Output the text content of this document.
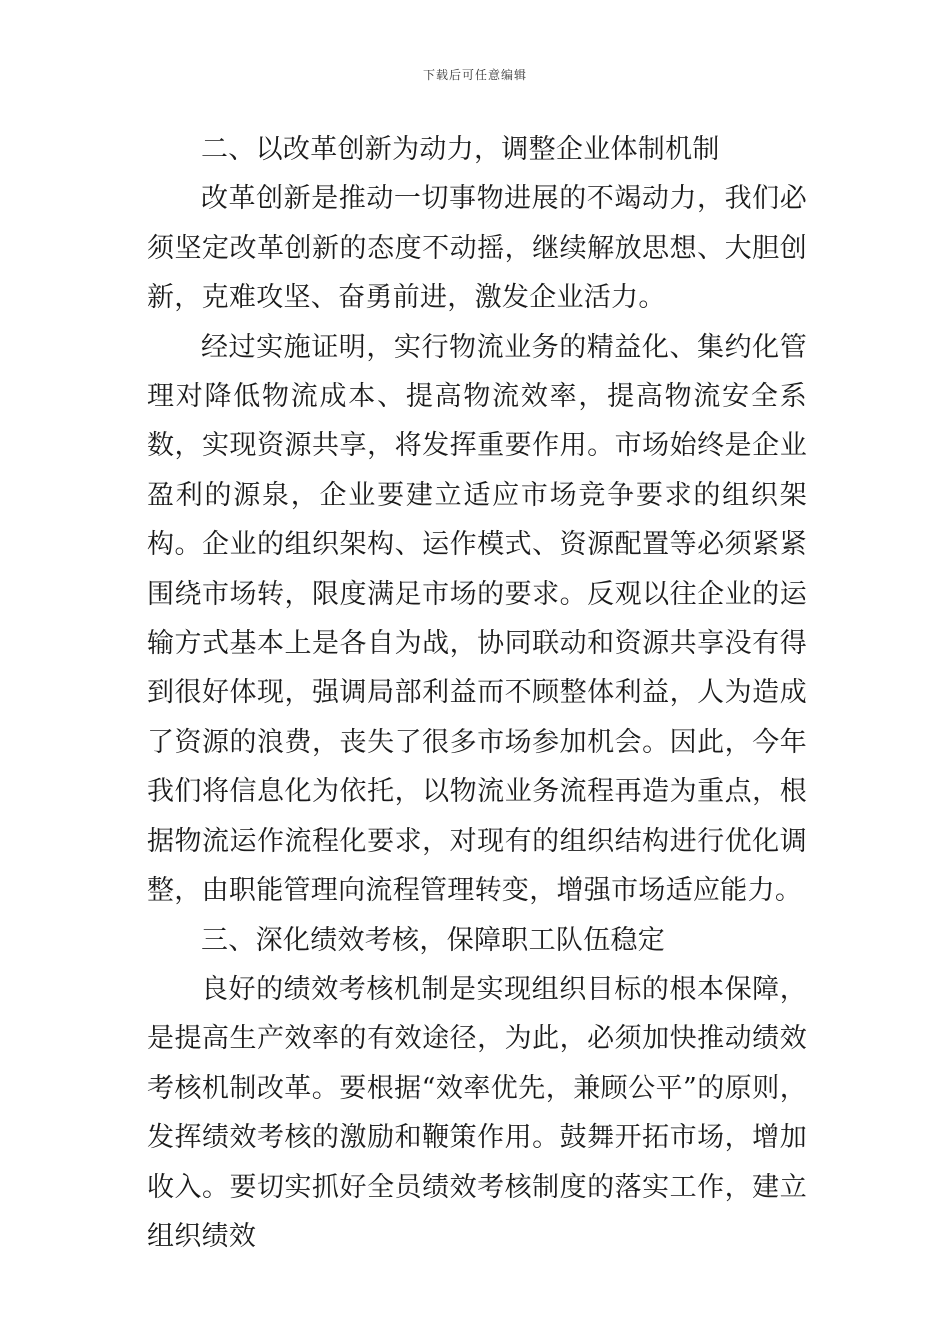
下载后可任意编辑

二、以改革创新为动力，调整企业体制机制

改革创新是推动一切事物进展的不竭动力，我们必须坚定改革创新的态度不动摇，继续解放思想、大胆创新，克难攻坚、奋勇前进，激发企业活力。

经过实施证明，实行物流业务的精益化、集约化管理对降低物流成本、提高物流效率，提高物流安全系数，实现资源共享，将发挥重要作用。市场始终是企业盈利的源泉，企业要建立适应市场竞争要求的组织架构。企业的组织架构、运作模式、资源配置等必须紧紧围绕市场转，限度满足市场的要求。反观以往企业的运输方式基本上是各自为战，协同联动和资源共享没有得到很好体现，强调局部利益而不顾整体利益，人为造成了资源的浪费，丧失了很多市场参加机会。因此，今年我们将信息化为依托，以物流业务流程再造为重点，根据物流运作流程化要求，对现有的组织结构进行优化调整，由职能管理向流程管理转变，增强市场适应能力。

三、深化绩效考核，保障职工队伍稳定

良好的绩效考核机制是实现组织目标的根本保障，是提高生产效率的有效途径，为此，必须加快推动绩效考核机制改革。要根据“效率优先，兼顾公平”的原则，发挥绩效考核的激励和鞭策作用。鼓舞开拓市场，增加收入。要切实抓好全员绩效考核制度的落实工作，建立组织绩效
